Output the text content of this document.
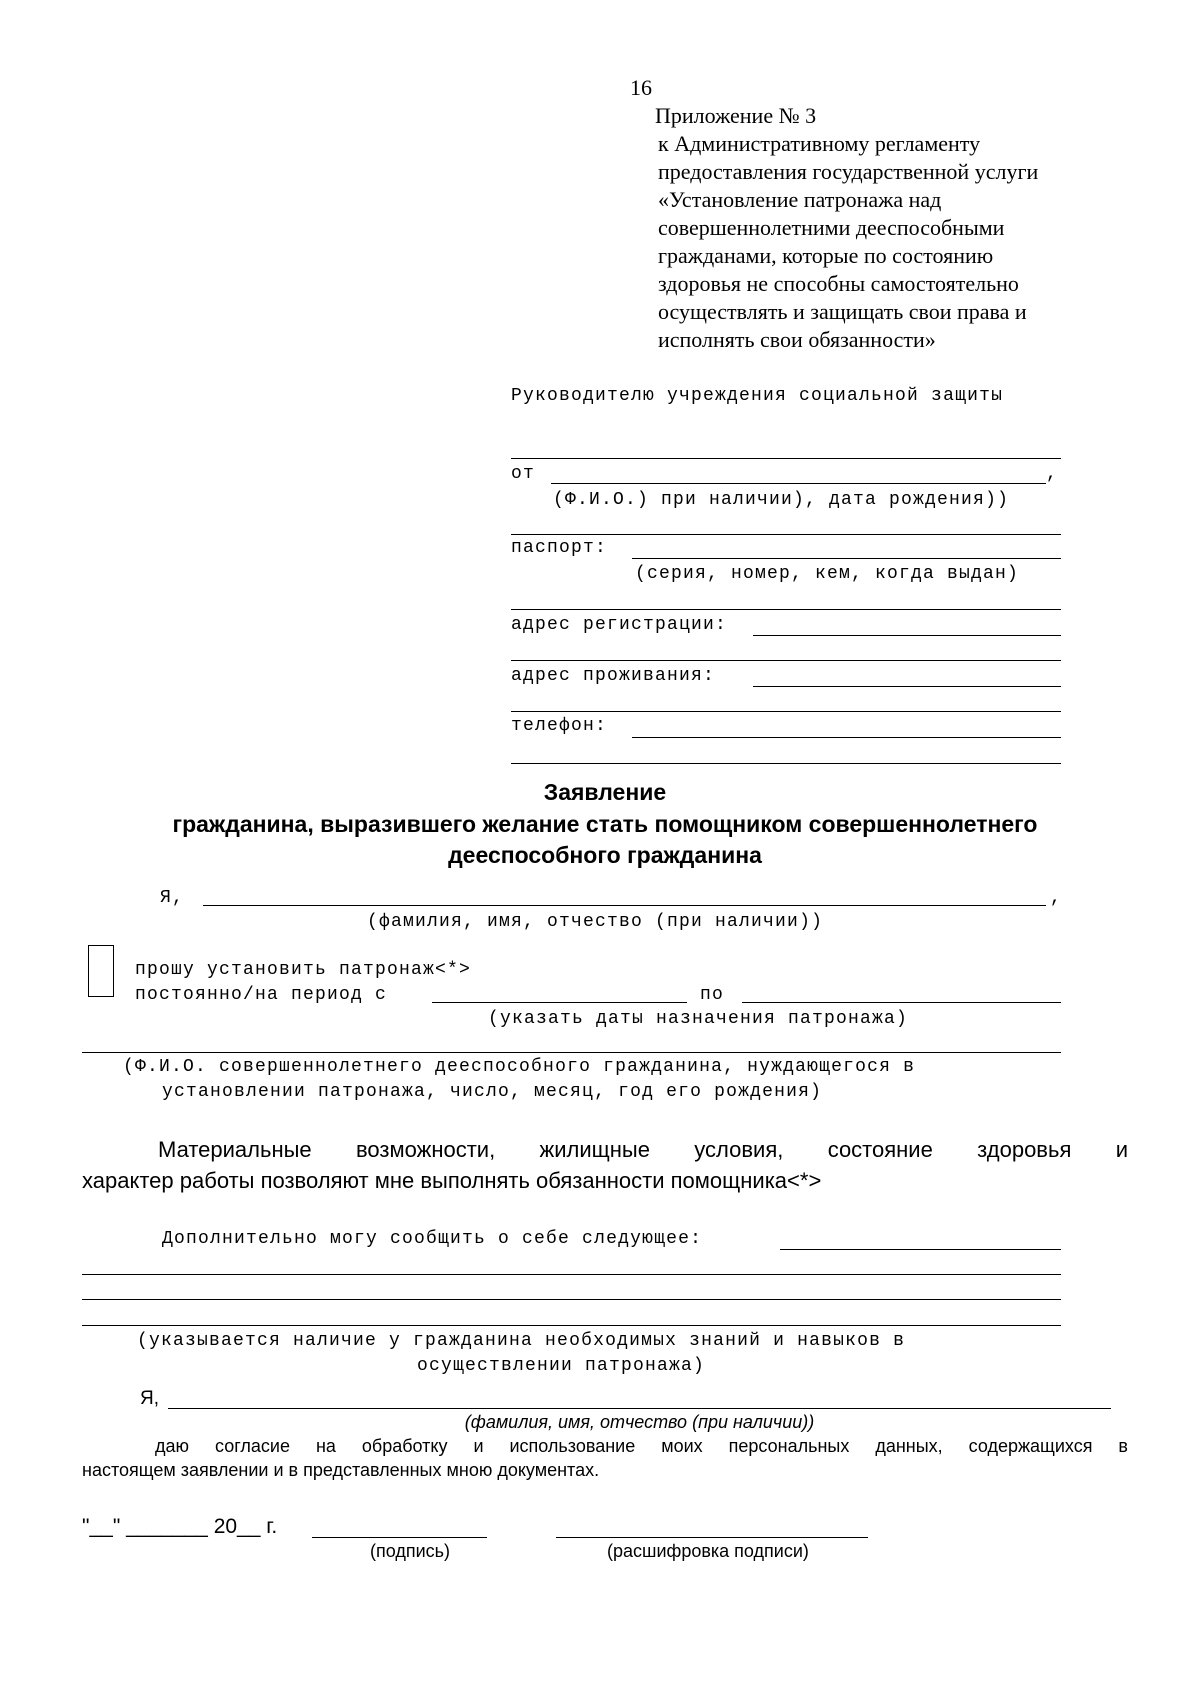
16
Приложение № 3
к Административному регламенту
предоставления государственной услуги
«Установление патронажа над
совершеннолетними дееспособными
гражданами, которые по состоянию
здоровья не способны самостоятельно
осуществлять и защищать свои права и
исполнять свои обязанности»
Руководителю учреждения социальной защиты
от	,
(Ф.И.О.) при наличии), дата рождения))
паспорт:
(серия, номер, кем, когда выдан)
адрес регистрации:
адрес проживания:
телефон:
Заявление
гражданина, выразившего желание стать помощником совершеннолетнего
дееспособного гражданина
Я,	,
(фамилия, имя, отчество (при наличии))
прошу установить патронаж<*>
постоянно/на период с	по
(указать даты назначения патронажа)
(Ф.И.О. совершеннолетнего дееспособного гражданина, нуждающегося в
установлении патронажа, число, месяц, год его рождения)
Материальные возможности, жилищные условия, состояние здоровья и
характер работы позволяют мне выполнять обязанности помощника<*>
Дополнительно могу сообщить о себе следующее:
(указывается наличие у гражданина необходимых знаний и навыков в
осуществлении патронажа)
Я,
(фамилия, имя, отчество (при наличии))
даю согласие на обработку и использование моих персональных данных, содержащихся в
настоящем заявлении и в представленных мною документах.
"__" _______ 20__ г.
(подпись)	(расшифровка подписи)
